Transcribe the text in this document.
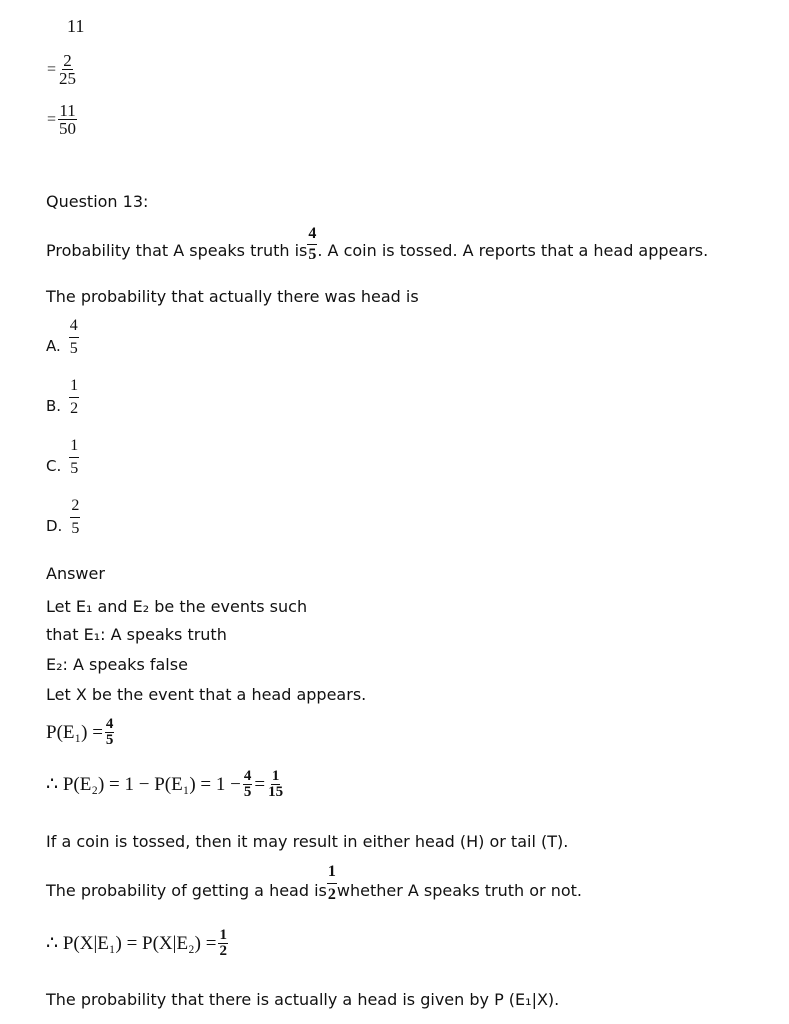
11
= $\frac{2}{25}$
= $\frac{11}{50}$
Question 13:
Probability that A speaks truth is $\frac{4}{5}$ . A coin is tossed. A reports that a head appears.
The probability that actually there was head is
A. $\frac{4}{5}$
B. $\frac{1}{2}$
C. $\frac{1}{5}$
D. $\frac{2}{5}$
Answer
Let E₁ and E₂ be the events such
that E₁: A speaks truth
E₂: A speaks false
Let X be the event that a head appears.
$P(E_1) = \frac{4}{5}$
∴ $P(E_2) = 1 - P(E_1) = 1 - \frac{4}{5} = \frac{1}{15}$
If a coin is tossed, then it may result in either head (H) or tail (T).
The probability of getting a head is $\frac{1}{2}$ whether A speaks truth or not.
∴ $P(X|E_1) = P(X|E_2) = \frac{1}{2}$
The probability that there is actually a head is given by P (E₁|X).
